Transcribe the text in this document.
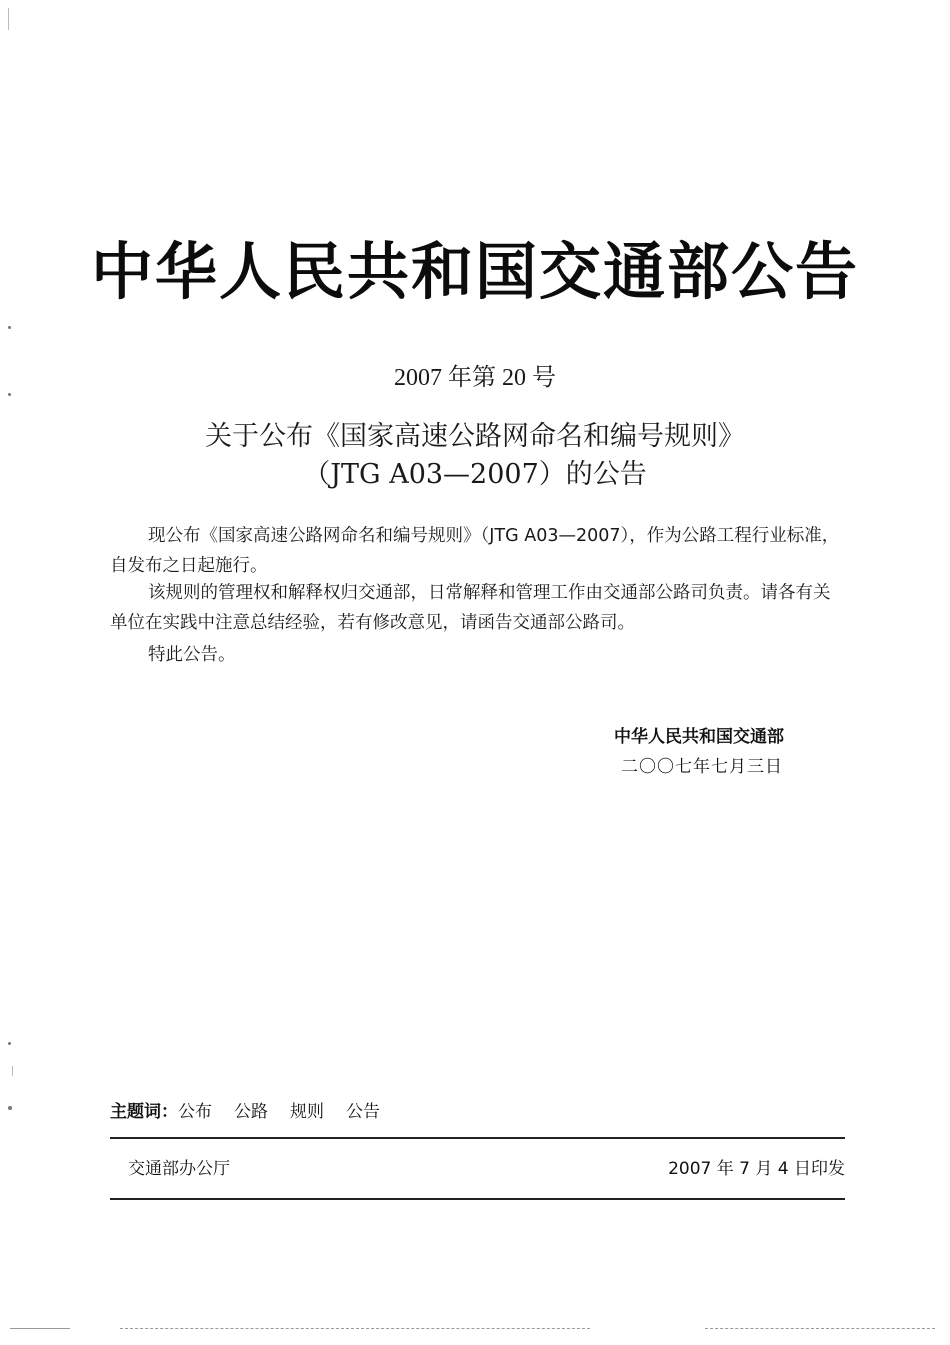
中华人民共和国交通部公告
2007 年第 20 号
关于公布《国家高速公路网命名和编号规则》
（JTG A03—2007）的公告
现公布《国家高速公路网命名和编号规则》（JTG A03—2007），作为公路工程行业标准，自发布之日起施行。
该规则的管理权和解释权归交通部，日常解释和管理工作由交通部公路司负责。请各有关单位在实践中注意总结经验，若有修改意见，请函告交通部公路司。
特此公告。
中华人民共和国交通部
二〇〇七年七月三日
主题词：公布 公路 规则 公告
交通部办公厅	2007 年 7 月 4 日印发
